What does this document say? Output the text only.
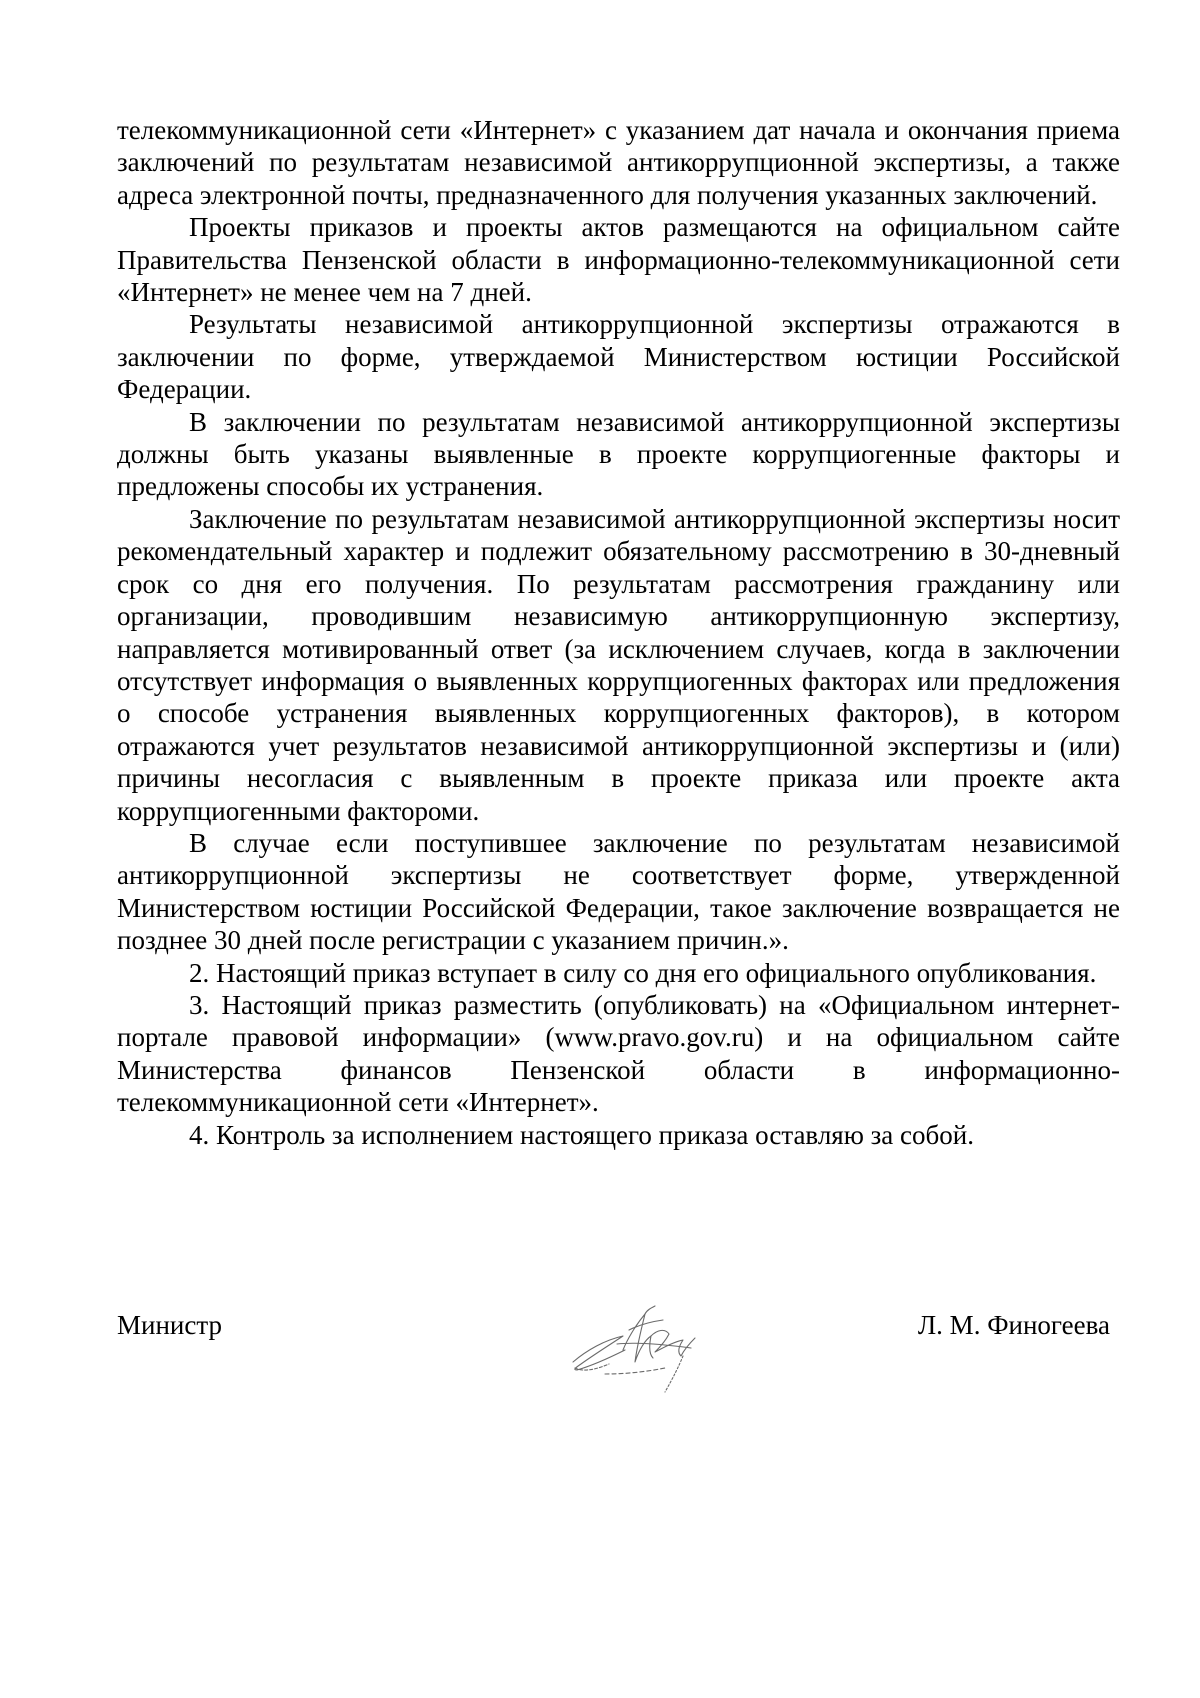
телекоммуникационной сети «Интернет» с указанием дат начала и окончания приема заключений по результатам независимой антикоррупционной экспертизы, а также адреса электронной почты, предназначенного для получения указанных заключений.

Проекты приказов и проекты актов размещаются на официальном сайте Правительства Пензенской области в информационно-телекоммуникационной сети «Интернет» не менее чем на 7 дней.

Результаты независимой антикоррупционной экспертизы отражаются в заключении по форме, утверждаемой Министерством юстиции Российской Федерации.

В заключении по результатам независимой антикоррупционной экспертизы должны быть указаны выявленные в проекте коррупциогенные факторы и предложены способы их устранения.

Заключение по результатам независимой антикоррупционной экспертизы носит рекомендательный характер и подлежит обязательному рассмотрению в 30-дневный срок со дня его получения. По результатам рассмотрения гражданину или организации, проводившим независимую антикоррупционную экспертизу, направляется мотивированный ответ (за исключением случаев, когда в заключении отсутствует информация о выявленных коррупциогенных факторах или предложения о способе устранения выявленных коррупциогенных факторов), в котором отражаются учет результатов независимой антикоррупционной экспертизы и (или) причины несогласия с выявленным в проекте приказа или проекте акта коррупциогенными фактороми.

В случае если поступившее заключение по результатам независимой антикоррупционной экспертизы не соответствует форме, утвержденной Министерством юстиции Российской Федерации, такое заключение возвращается не позднее 30 дней после регистрации с указанием причин.».

2. Настоящий приказ вступает в силу со дня его официального опубликования.

3. Настоящий приказ разместить (опубликовать) на «Официальном интернет-портале правовой информации» (www.pravo.gov.ru) и на официальном сайте Министерства финансов Пензенской области в информационно-телекоммуникационной сети «Интернет».

4. Контроль за исполнением настоящего приказа оставляю за собой.

Министр	Л. М. Финогеева
